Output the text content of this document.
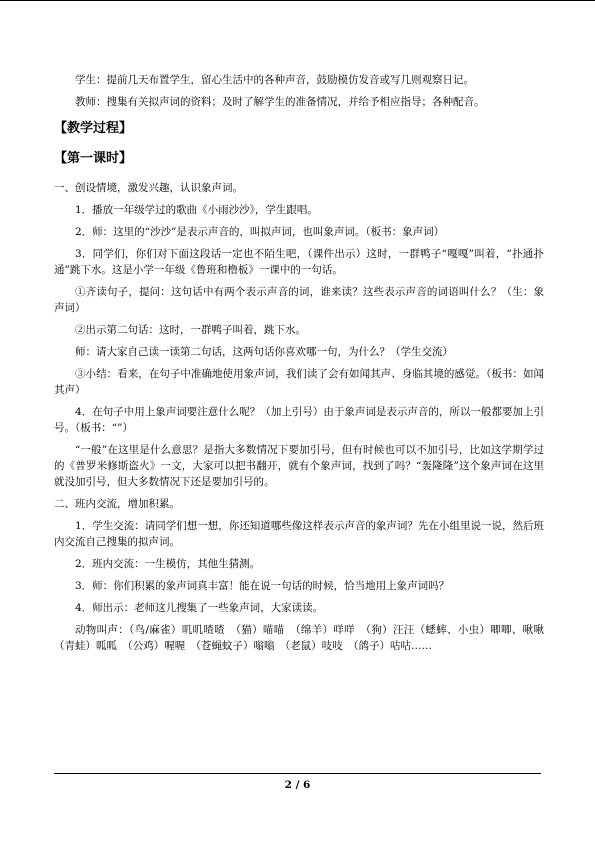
学生：提前几天布置学生，留心生活中的各种声音，鼓励模仿发音或写几则观察日记。

教师：搜集有关拟声词的资料；及时了解学生的准备情况，并给予相应指导；各种配音。

【教学过程】
【第一课时】

一、创设情境，激发兴趣，认识象声词。

1．播放一年级学过的歌曲《小雨沙沙》，学生跟唱。

2．师：这里的“沙沙”是表示声音的，叫拟声词，也叫象声词。（板书：象声词）

3．同学们，你们对下面这段话一定也不陌生吧，（课件出示）这时，一群鸭子“嘎嘎”叫着，“扑通扑通”跳下水。这是小学一年级《鲁班和橹板》一课中的一句话。

①齐读句子，提问：这句话中有两个表示声音的词，谁来读？这些表示声音的词语叫什么？（生：象声词）

②出示第二句话：这时，一群鸭子叫着，跳下水。

师：请大家自己读一读第二句话，这两句话你喜欢哪一句，为什么？（学生交流）

③小结：看来，在句子中准确地使用象声词，我们读了会有如闻其声、身临其境的感觉。（板书：如闻其声）

4．在句子中用上象声词要注意什么呢？（加上引号）由于象声词是表示声音的，所以一般都要加上引号。（板书：“”）

“一般”在这里是什么意思？是指大多数情况下要加引号，但有时候也可以不加引号，比如这学期学过的《普罗米修斯盗火》一文，大家可以把书翻开，就有个象声词，找到了吗？“轰隆隆”这个象声词在这里就没加引号，但大多数情况下还是要加引号的。

二、班内交流，增加积累。

1．学生交流：请同学们想一想，你还知道哪些像这样表示声音的象声词？先在小组里说一说，然后班内交流自己搜集的拟声词。

2．班内交流：一生模仿，其他生猜测。

3．师：你们积累的象声词真丰富！能在说一句话的时候，恰当地用上象声词吗？

4．师出示：老师这儿搜集了一些象声词，大家读读。

动物叫声：（鸟/麻雀）叽叽喳喳　（猫）喵喵　（绵羊）咩咩　（狗）汪汪（蟋蟀、小虫）唧唧、啾啾　（青蛙）呱呱　（公鸡）喔喔　（苍蝇蚊子）嗡嗡　（老鼠）吱吱　（鸽子）咕咕……

2 / 6
